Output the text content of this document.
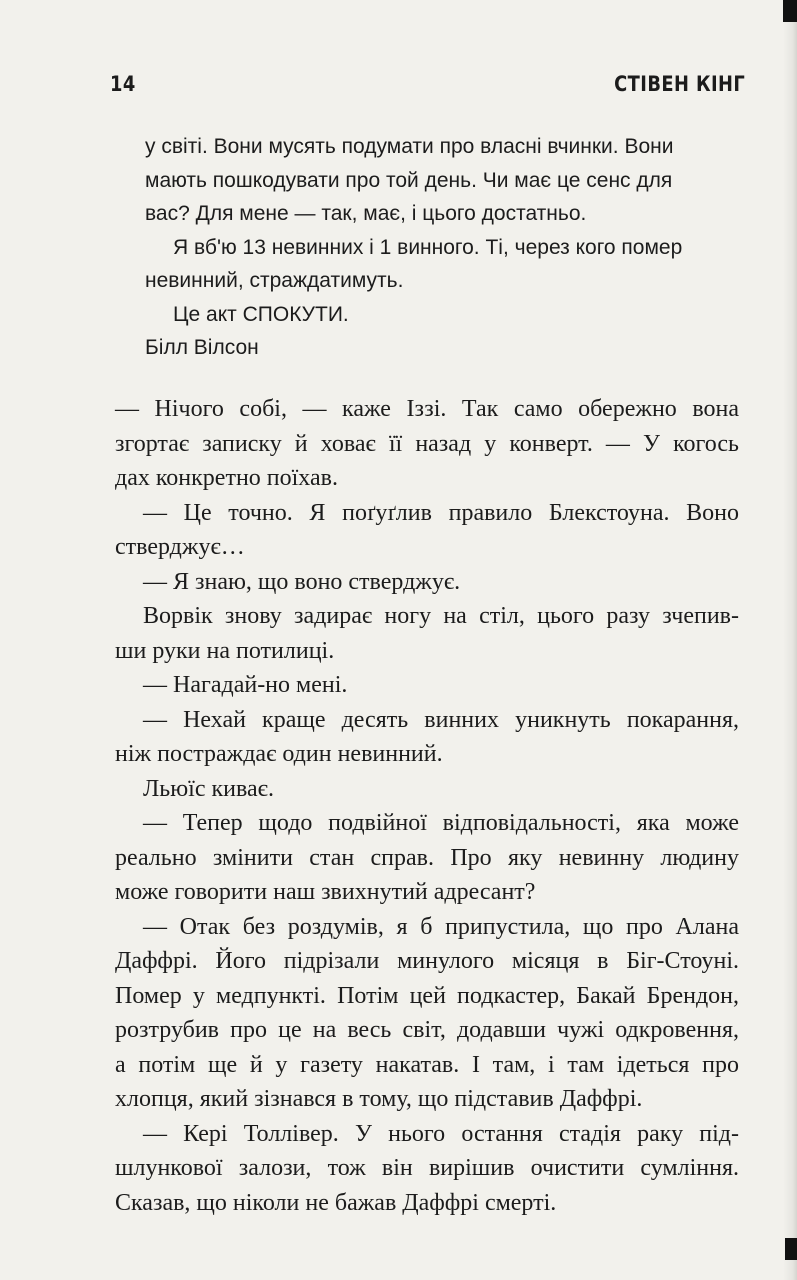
14	СТІВЕН КІНГ

у світі. Вони мусять подумати про власні вчинки. Вони

мають пошкодувати про той день. Чи має це сенс для

вас? Для мене — так, має, і цього достатньо.

Я вб'ю 13 невинних і 1 винного. Ті, через кого помер

невинний, страждатимуть.

Це акт СПОКУТИ.

Білл Вілсон

— Нічого собі, — каже Іззі. Так само обережно вона
згортає записку й ховає її назад у конверт. — У когось
дах конкретно поїхав.
— Це точно. Я поґуґлив правило Блекстоуна. Воно
стверджує…
— Я знаю, що воно стверджує.
Ворвік знову задирає ногу на стіл, цього разу зчепив-
ши руки на потилиці.
— Нагадай-но мені.
— Нехай краще десять винних уникнуть покарання,
ніж постраждає один невинний.
Льюїс киває.
— Тепер щодо подвійної відповідальності, яка може
реально змінити стан справ. Про яку невинну людину
може говорити наш звихнутий адресант?
— Отак без роздумів, я б припустила, що про Алана
Даффрі. Його підрізали минулого місяця в Біг-Стоуні.
Помер у медпункті. Потім цей подкастер, Бакай Брендон,
розтрубив про це на весь світ, додавши чужі одкровення,
а потім ще й у газету накатав. І там, і там ідеться про
хлопця, який зізнався в тому, що підставив Даффрі.
— Кері Толлівер. У нього остання стадія раку під-
шлункової залози, тож він вирішив очистити сумління.
Сказав, що ніколи не бажав Даффрі смерті.
